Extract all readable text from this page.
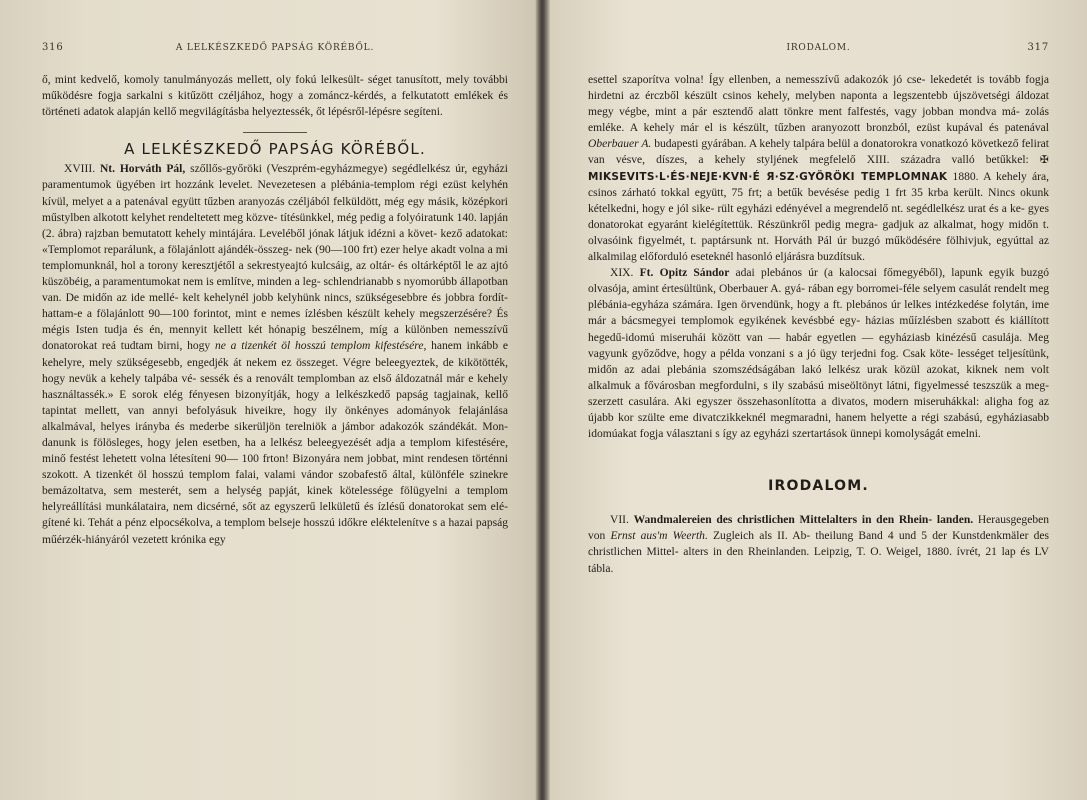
316	A LELKÉSZKEDŐ PAPSÁG KÖRÉBŐL.

ő, mint kedvelő, komoly tanulmányozás mellett, oly fokú lelkesült- séget tanusított, mely további működésre fogja sarkalni s kitűzött czéljához, hogy a zománcz-kérdés, a felkutatott emlékek és történeti adatok alapján kellő megvilágításba helyeztessék, őt lépésről-lépésre segíteni.

A LELKÉSZKEDŐ PAPSÁG KÖRÉBŐL.

XVIII. Nt. Horváth Pál, szőllős-győröki (Veszprém-egyházmegye) segédlelkész úr, egyházi paramentumok ügyében irt hozzánk levelet. Nevezetesen a plébánia-templom régi ezüst kelyhén kívül, melyet a a patenával együtt tűzben aranyozás czéljából felküldött, még egy másik, középkori műstylben alkotott kelyhet rendeltetett meg közve- títésünkkel, még pedig a folyóiratunk 140. lapján (2. ábra) rajzban bemutatott kehely mintájára. Leveléből jónak látjuk idézni a követ- kező adatokat: «Templomot reparálunk, a fölajánlott ajándék-összeg- nek (90—100 frt) ezer helye akadt volna a mi templomunknál, hol a torony keresztjétől a sekrestyeajtó kulcsáig, az oltár- és oltárképtől le az ajtó küszöbéig, a paramentumokat nem is említve, minden a leg- schlendrianabb s nyomorúbb állapotban van. De midőn az ide mellé- kelt kehelynél jobb kelyhünk nincs, szükségesebbre és jobbra fordít- hattam-e a fölajánlott 90—100 forintot, mint e nemes ízlésben készült kehely megszerzésére? És mégis Isten tudja és én, mennyit kellett két hónapig beszélnem, míg a különben nemesszívű donatorokat reá tudtam birni, hogy ne a tizenkét öl hosszú templom kifestésére, hanem inkább e kehelyre, mely szükségesebb, engedjék át nekem ez összeget. Végre beleegyeztek, de kikötötték, hogy nevük a kehely talpába vé- sessék és a renovált templomban az első áldozatnál már e kehely használtassék.» E sorok elég fényesen bizonyítják, hogy a lelkészkedő papság tagjainak, kellő tapintat mellett, van annyi befolyásuk hiveikre, hogy ily önkényes adományok felajánlása alkalmával, helyes irányba és mederbe sikerüljön terelniök a jámbor adakozók szándékát. Mon- danunk is fölösleges, hogy jelen esetben, ha a lelkész beleegyezését adja a templom kifestésére, minő festést lehetett volna létesíteni 90— 100 frton! Bizonyára nem jobbat, mint rendesen történni szokott. A tizenkét öl hosszú templom falai, valami vándor szobafestő által, különféle szinekre bemázoltatva, sem mesterét, sem a helység papját, kinek kötelessége fölügyelni a templom helyreállítási munkálataira, nem dicsérné, sőt az egyszerű lelkületű és ízlésű donatorokat sem elé- gítené ki. Tehát a pénz elpocsékolva, a templom belseje hosszú időkre eléktelenítve s a hazai papság műérzék-hiányáról vezetett krónika egy

IRODALOM.	317

esettel szaporítva volna! Így ellenben, a nemesszívű adakozók jó cse- lekedetét is tovább fogja hirdetni az érczből készült csinos kehely, melyben naponta a legszentebb újszövetségi áldozat megy végbe, mint a pár esztendő alatt tönkre ment falfestés, vagy jobban mondva má- zolás emléke. A kehely már el is készült, tűzben aranyozott bronzból, ezüst kupával és patenával Oberbauer A. budapesti gyárában. A kehely talpára belül a donatorokra vonatkozó következő felirat van vésve, díszes, a kehely styljének megfelelő XIII. századra valló betűkkel: ✠ MIKSEVITS·L·ÉS·NEJE·KVN·É Я·SZ·GYÖRÖKI TEMPLOMNAK 1880. A kehely ára, csinos zárható tokkal együtt, 75 frt; a betűk bevésése pedig 1 frt 35 krba került. Nincs okunk kételkedni, hogy e jól sike- rült egyházi edényével a megrendelő nt. segédlelkész urat és a ke- gyes donatorokat egyaránt kielégítettük. Részünkről pedig megra- gadjuk az alkalmat, hogy midőn t. olvasóink figyelmét, t. paptársunk nt. Horváth Pál úr buzgó működésére fölhivjuk, egyúttal az alkalmilag előforduló eseteknél hasonló eljárásra buzdítsuk.

XIX. Ft. Opitz Sándor adai plebános úr (a kalocsai főmegyéből), lapunk egyik buzgó olvasója, amint értesültünk, Oberbauer A. gyá- rában egy borromei-féle selyem casulát rendelt meg plébánia-egyháza számára. Igen örvendünk, hogy a ft. plebános úr lelkes intézkedése folytán, ime már a bácsmegyei templomok egyikének kevésbbé egy- házias műízlésben szabott és kiállított hegedű-idomú miseruhái között van — habár egyetlen — egyháziasb kinézésű casulája. Meg vagyunk győződve, hogy a példa vonzani s a jó ügy terjedni fog. Csak köte- lességet teljesítünk, midőn az adai plebánia szomszédságában lakó lelkész urak közül azokat, kiknek nem volt alkalmuk a fővárosban megfordulni, s ily szabású miseöltönyt látni, figyelmessé teszszük a meg- szerzett casulára. Aki egyszer összehasonlította a divatos, modern miseruhákkal: aligha fog az újabb kor szülte eme divatczikkeknél megmaradni, hanem helyette a régi szabású, egyháziasabb idomúakat fogja választani s így az egyházi szertartások ünnepi komolyságát emelni.

IRODALOM.

VII. Wandmalereien des christlichen Mittelalters in den Rhein- landen. Herausgegeben von Ernst aus'm Weerth. Zugleich als II. Ab- theilung Band 4 und 5 der Kunstdenkmäler des christlichen Mittel- alters in den Rheinlanden. Leipzig, T. O. Weigel, 1880. ívrét, 21 lap és LV tábla.
